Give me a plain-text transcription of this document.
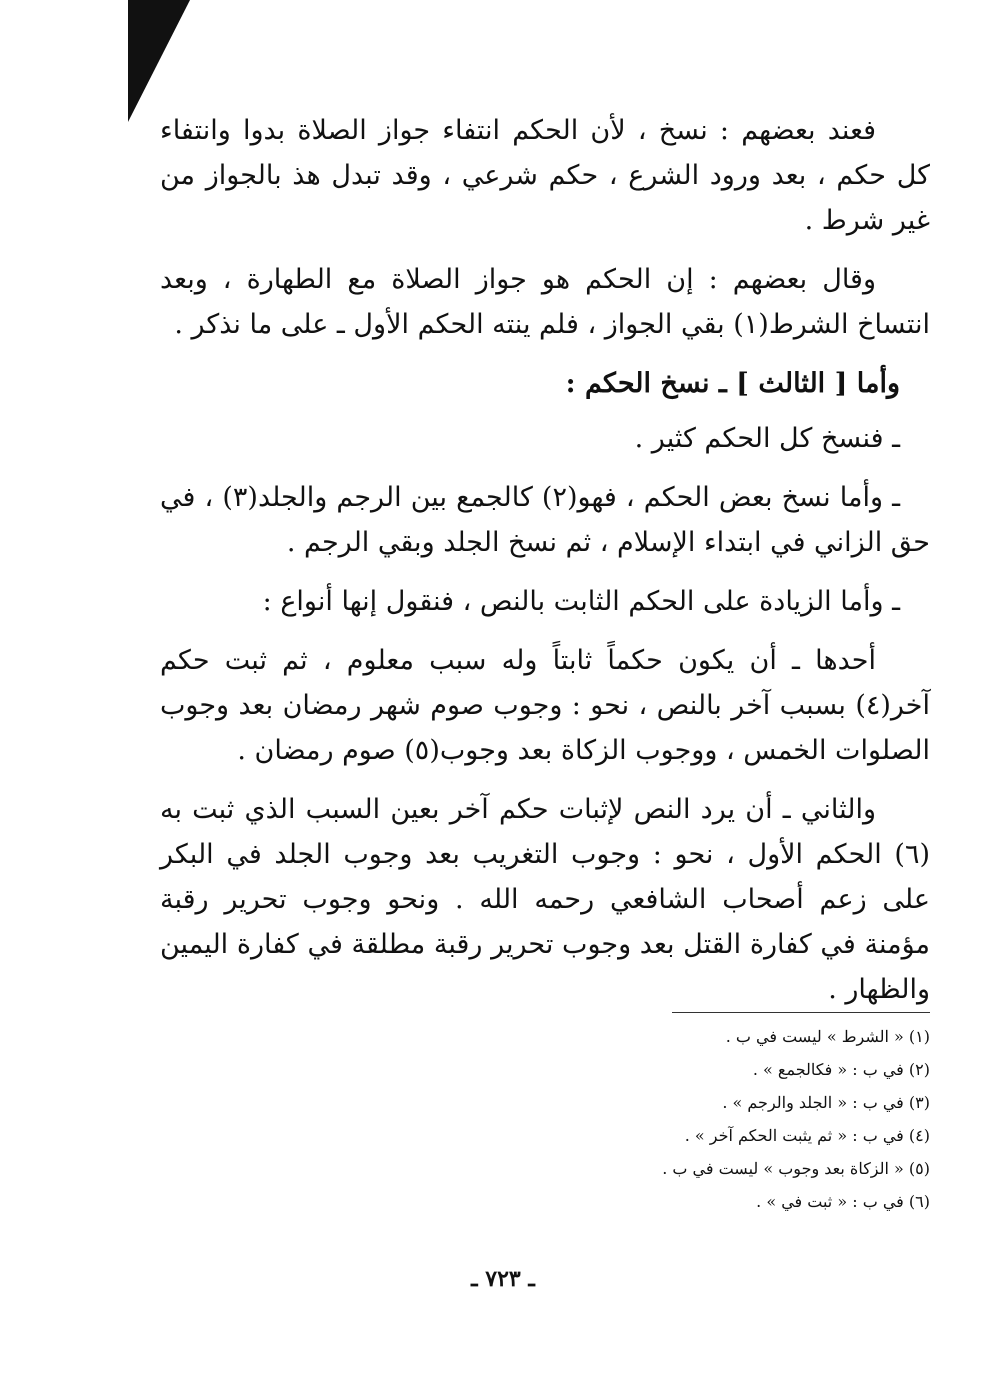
فعند بعضهم : نسخ ، لأن الحكم انتفاء جواز الصلاة بدوا وانتفاء كل حكم ، بعد ورود الشرع ، حكم شرعي ، وقد تبدل هذ بالجواز من غير شرط .

وقال بعضهم : إن الحكم هو جواز الصلاة مع الطهارة ، وبعد انتساخ الشرط(١) بقي الجواز ، فلم ينته الحكم الأول ـ على ما نذكر .

وأما [ الثالث ] ـ نسخ الحكم :

ـ فنسخ كل الحكم كثير .

ـ وأما نسخ بعض الحكم ، فهو(٢) كالجمع بين الرجم والجلد(٣) ، في حق الزاني في ابتداء الإسلام ، ثم نسخ الجلد وبقي الرجم .

ـ وأما الزيادة على الحكم الثابت بالنص ، فنقول إنها أنواع :

أحدها ـ أن يكون حكماً ثابتاً وله سبب معلوم ، ثم ثبت حكم آخر(٤) بسبب آخر بالنص ، نحو : وجوب صوم شهر رمضان بعد وجوب الصلوات الخمس ، ووجوب الزكاة بعد وجوب(٥) صوم رمضان .

والثاني ـ أن يرد النص لإثبات حكم آخر بعين السبب الذي ثبت به (٦) الحكم الأول ، نحو : وجوب التغريب بعد وجوب الجلد في البكر على زعم أصحاب الشافعي رحمه الله . ونحو وجوب تحرير رقبة مؤمنة في كفارة القتل بعد وجوب تحرير رقبة مطلقة في كفارة اليمين والظهار .

(١) « الشرط » ليست في ب .
(٢) في ب : « فكالجمع » .
(٣) في ب : « الجلد والرجم » .
(٤) في ب : « ثم يثبت الحكم آخر » .
(٥) « الزكاة بعد وجوب » ليست في ب .
(٦) في ب : « ثبت في » .
ـ ٧٢٣ ـ
